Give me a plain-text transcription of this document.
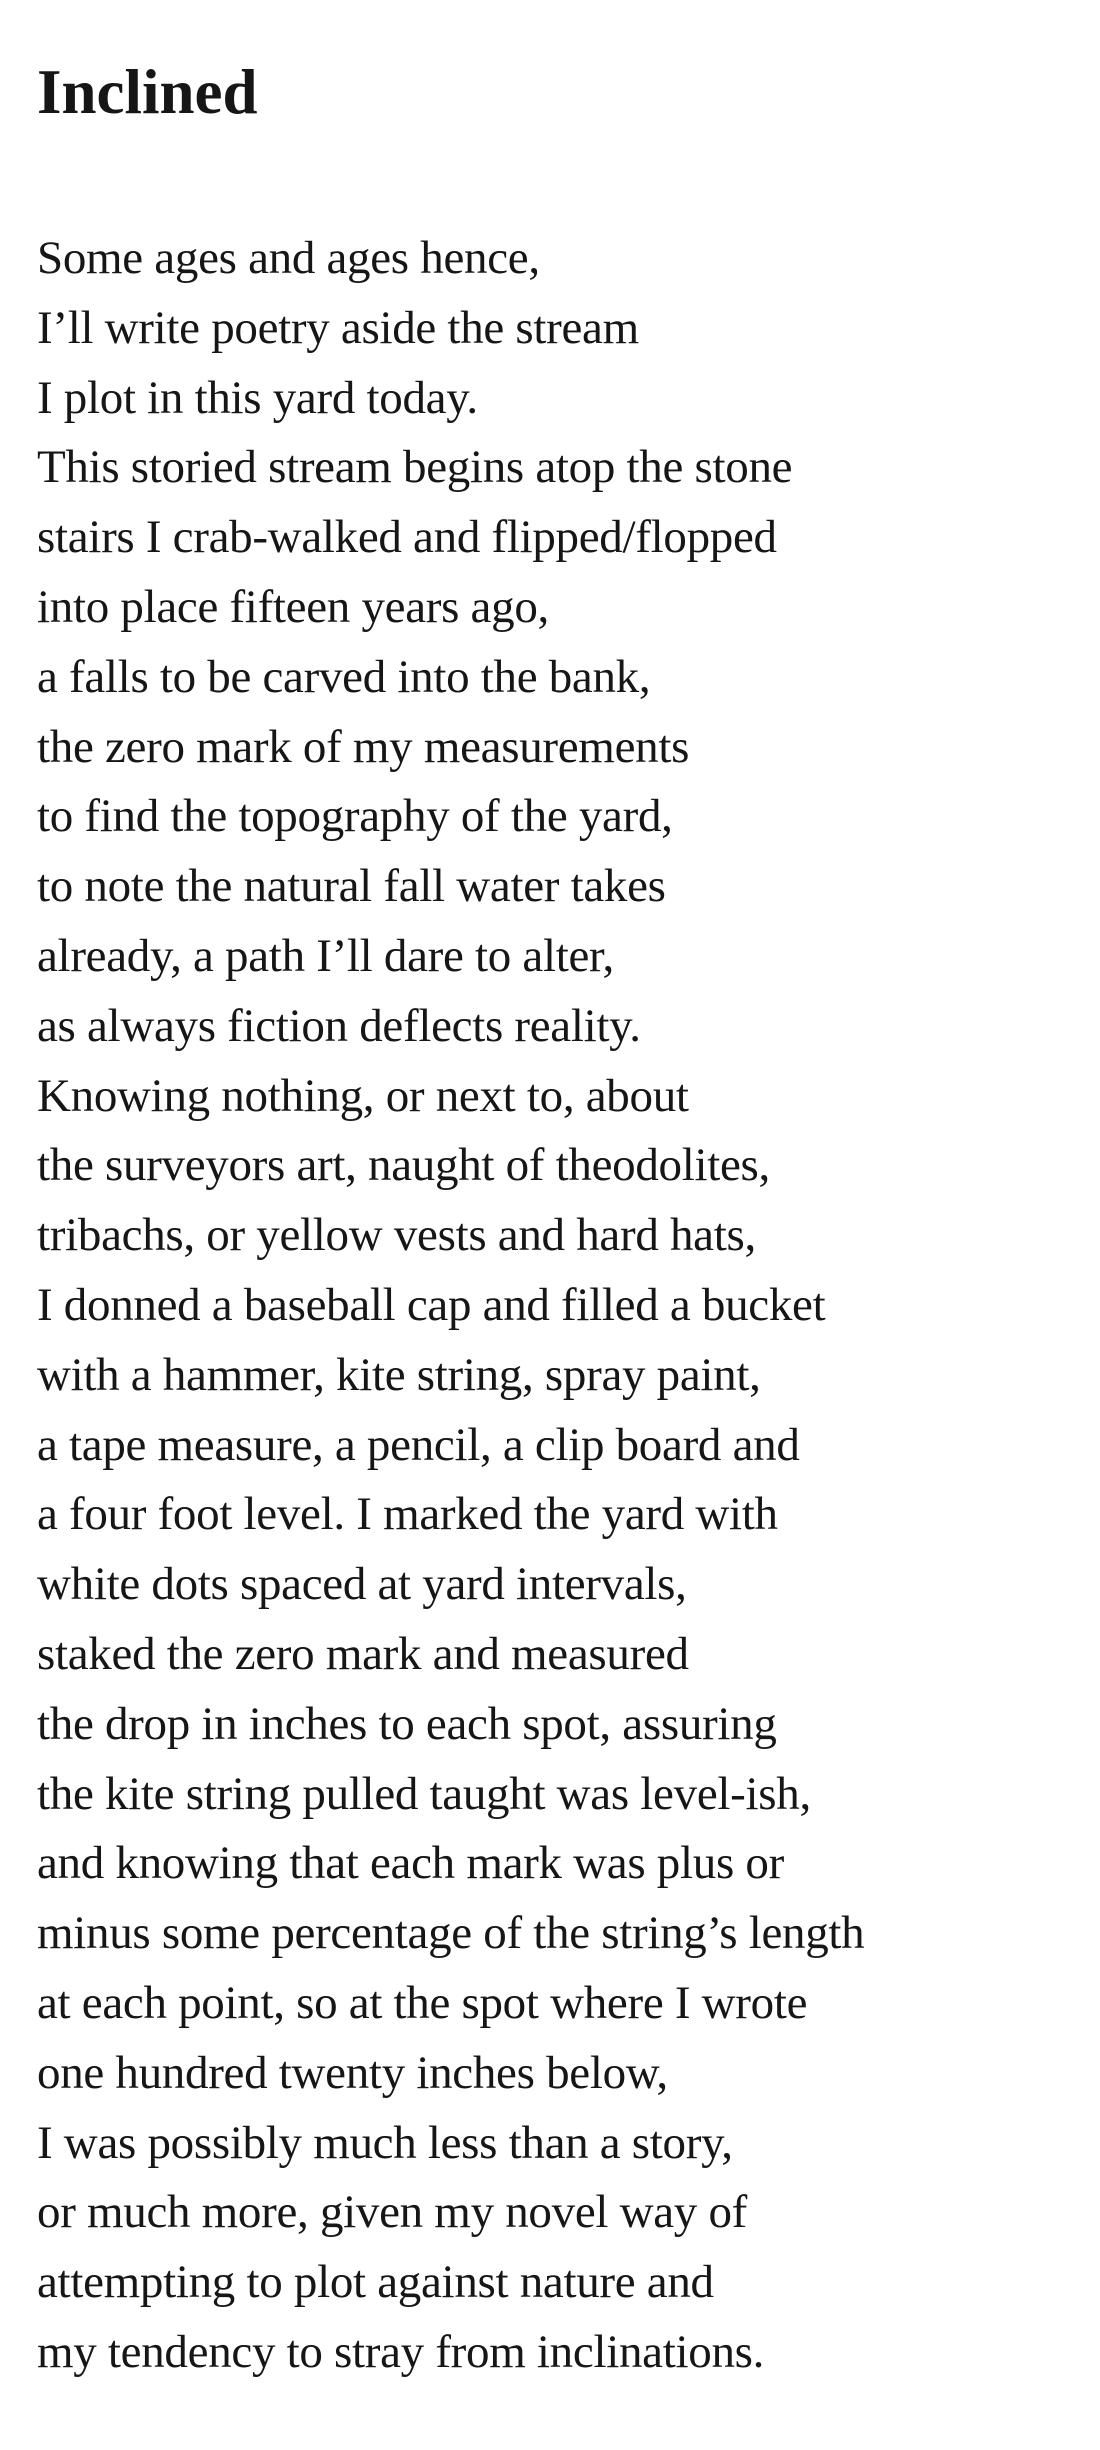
Inclined
Some ages and ages hence,
I’ll write poetry aside the stream
I plot in this yard today.
This storied stream begins atop the stone
stairs I crab-walked and flipped/flopped
into place fifteen years ago,
a falls to be carved into the bank,
the zero mark of my measurements
to find the topography of the yard,
to note the natural fall water takes
already, a path I’ll dare to alter,
as always fiction deflects reality.
Knowing nothing, or next to, about
the surveyors art, naught of theodolites,
tribachs, or yellow vests and hard hats,
I donned a baseball cap and filled a bucket
with a hammer, kite string, spray paint,
a tape measure, a pencil, a clip board and
a four foot level. I marked the yard with
white dots spaced at yard intervals,
staked the zero mark and measured
the drop in inches to each spot, assuring
the kite string pulled taught was level-ish,
and knowing that each mark was plus or
minus some percentage of the string’s length
at each point, so at the spot where I wrote
one hundred twenty inches below,
I was possibly much less than a story,
or much more, given my novel way of
attempting to plot against nature and
my tendency to stray from inclinations.
